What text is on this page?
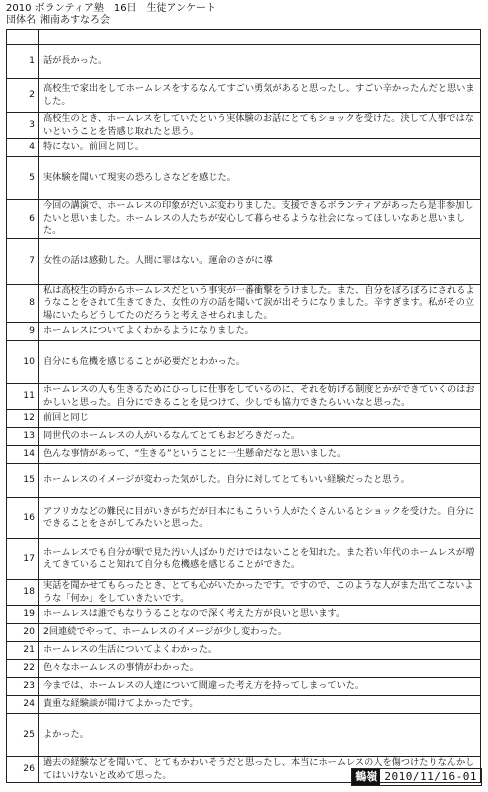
2010 ボランティア塾　16日　生徒アンケート
団体名 湘南あすなろ会

1	話が長かった。
2	高校生で家出をしてホームレスをするなんてすごい勇気があると思ったし、すごい辛かったんだと思いました。
3	高校生のとき、ホームレスをしていたという実体験のお話にとてもショックを受けた。決して人事ではないということを皆感じ取れたと思う。
4	特にない。前回と同じ。
5	実体験を聞いて現実の恐ろしさなどを感じた。
6	今回の講演で、ホームレスの印象がだいぶ変わりました。支援できるボランティアがあったら是非参加したいと思いました。ホームレスの人たちが安心して暮らせるような社会になってほしいなあと思いました。
7	女性の話は感動した。人間に罪はない。運命のさがに導
8	私は高校生の時からホームレスだという事実が一番衝撃をうけました。また、自分をぼろぼろにされるようなことをされて生きてきた、女性の方の話を聞いて涙が出そうになりました。辛すぎます。私がその立場にいたらどうしてたのだろうと考えさせられました。
9	ホームレスについてよくわかるようになりました。
10	自分にも危機を感じることが必要だとわかった。
11	ホームレスの人も生きるためにひっしに仕事をしているのに、それを妨げる制度とかができていくのはおかしいと思った。自分にできることを見つけて、少しでも協力できたらいいなと思った。
12	前回と同じ
13	同世代のホームレスの人がいるなんてとてもおどろきだった。
14	色んな事情があって、“生きる”ということに一生懸命だなと思いました。
15	ホームレスのイメージが変わった気がした。自分に対してとてもいい経験だったと思う。
16	アフリカなどの難民に目がいきがちだが日本にもこういう人がたくさんいるとショックを受けた。自分にできることをさがしてみたいと思った。
17	ホームレスでも自分が駅で見た汚い人ばかりだけではないことを知れた。また若い年代のホームレスが増えてきていること知れて自分も危機感を感じることができた。
18	実話を聞かせてもらったとき、とても心がいたかったです。ですので、このような人がまた出てこないような「何か」をしていきたいです。
19	ホームレスは誰でもなりうることなので深く考えた方が良いと思います。
20	2回連続でやって、ホームレスのイメージが少し変わった。
21	ホームレスの生活についてよくわかった。
22	色々なホームレスの事情がわかった。
23	今までは、ホームレスの人達について間違った考え方を持ってしまっていた。
24	貴重な経験談が聞けてよかったです。
25	よかった。
26	過去の経験などを聞いて、とてもかわいそうだと思ったし、本当にホームレスの人を傷つけたりなんかしてはいけないと改めて思った。	鶴嶺 2010/11/16-01
